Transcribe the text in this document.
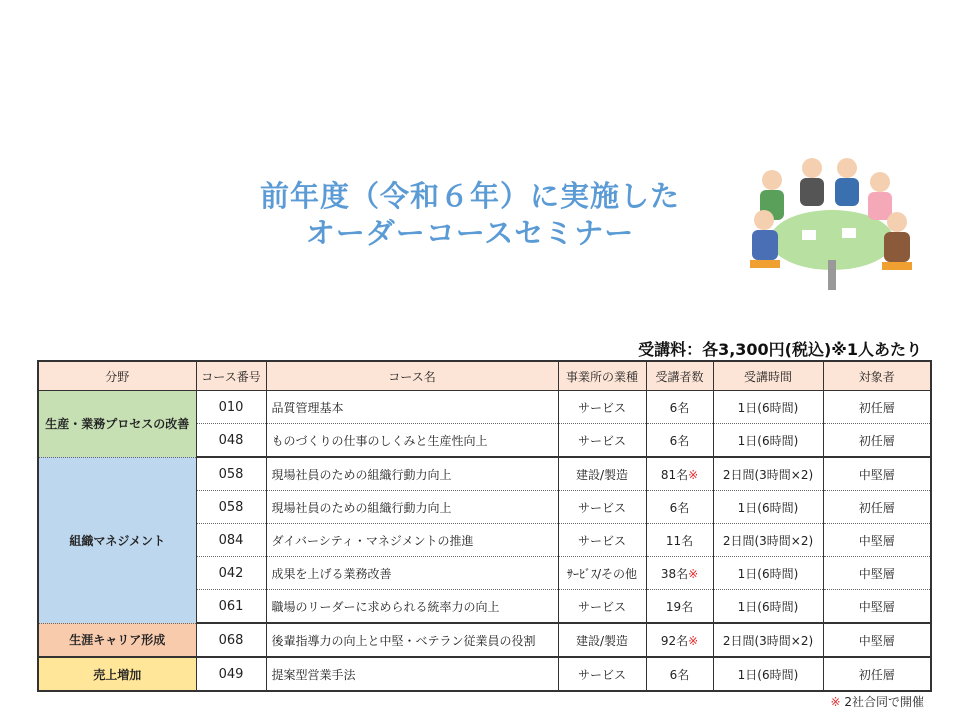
前年度（令和６年）に実施した
オーダーコースセミナー
受講料：各3,300円(税込)※1人あたり
分野	コース番号	コース名	事業所の業種	受講者数	受講時間	対象者
生産・業務プロセスの改善	010	品質管理基本	サービス	6名	1日(6時間)	初任層
	048	ものづくりの仕事のしくみと生産性向上	サービス	6名	1日(6時間)	初任層
組織マネジメント	058	現場社員のための組織行動力向上	建設/製造	81名※	2日間(3時間×2)	中堅層
	058	現場社員のための組織行動力向上	サービス	6名	1日(6時間)	初任層
	084	ダイバーシティ・マネジメントの推進	サービス	11名	2日間(3時間×2)	中堅層
	042	成果を上げる業務改善	ｻｰﾋﾞｽ/その他	38名※	1日(6時間)	中堅層
	061	職場のリーダーに求められる統率力の向上	サービス	19名	1日(6時間)	中堅層
生涯キャリア形成	068	後輩指導力の向上と中堅・ベテラン従業員の役割	建設/製造	92名※	2日間(3時間×2)	中堅層
売上増加	049	提案型営業手法	サービス	6名	1日(6時間)	初任層
※ 2社合同で開催
